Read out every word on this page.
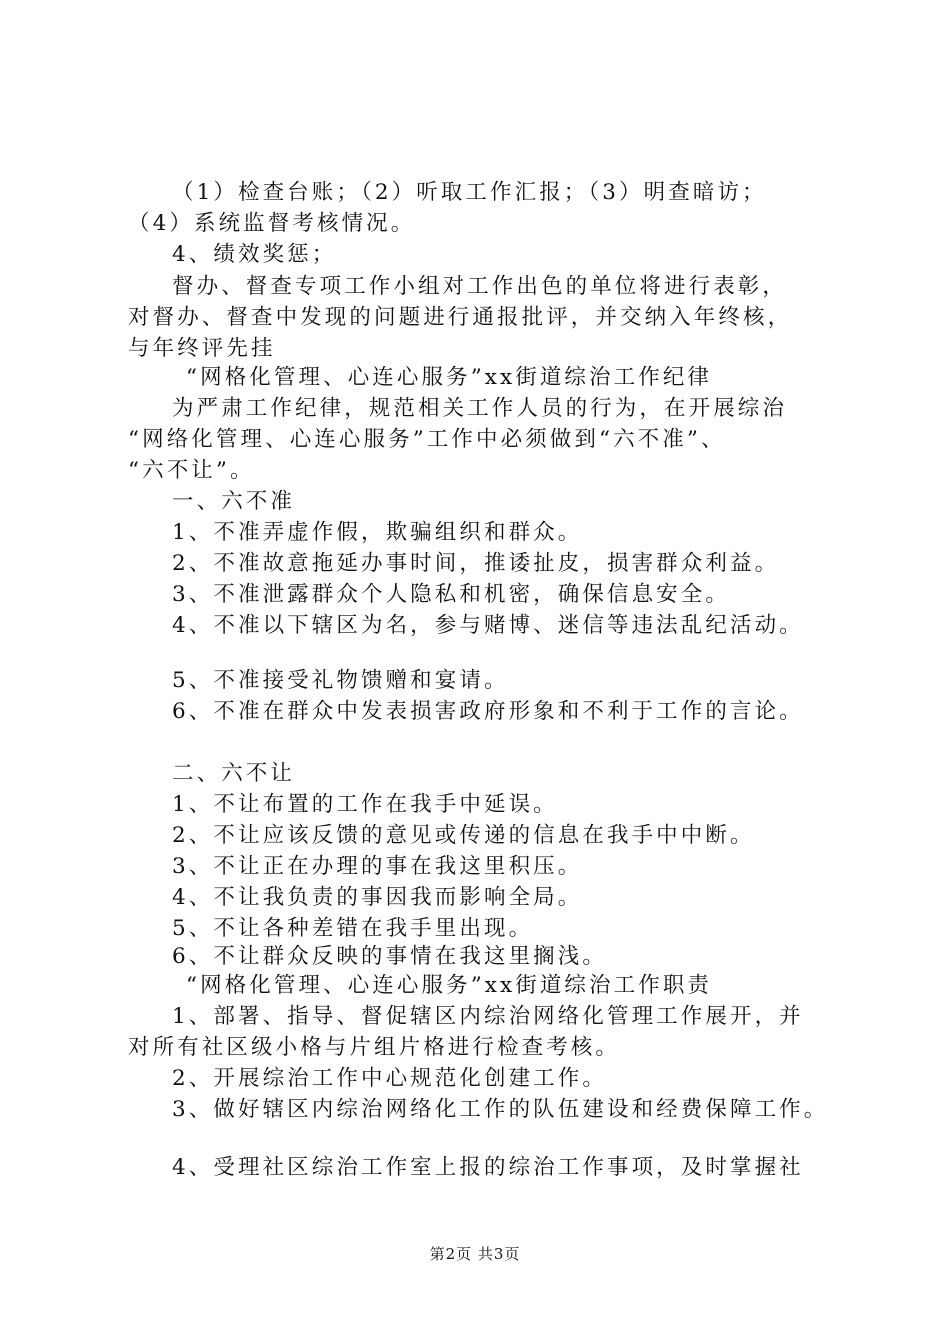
（1）检查台账；（2）听取工作汇报；（3）明查暗访；
（4）系统监督考核情况。
4、绩效奖惩；
督办、督查专项工作小组对工作出色的单位将进行表彰，
对督办、督查中发现的问题进行通报批评，并交纳入年终核，
与年终评先挂
“网格化管理、心连心服务”xx街道综治工作纪律
为严肃工作纪律，规范相关工作人员的行为，在开展综治
“网络化管理、心连心服务”工作中必须做到“六不准”、
“六不让”。
一、六不准
1、不准弄虚作假，欺骗组织和群众。
2、不准故意拖延办事时间，推诿扯皮，损害群众利益。
3、不准泄露群众个人隐私和机密，确保信息安全。
4、不准以下辖区为名，参与赌博、迷信等违法乱纪活动。
5、不准接受礼物馈赠和宴请。
6、不准在群众中发表损害政府形象和不利于工作的言论。
二、六不让
1、不让布置的工作在我手中延误。
2、不让应该反馈的意见或传递的信息在我手中中断。
3、不让正在办理的事在我这里积压。
4、不让我负责的事因我而影响全局。
5、不让各种差错在我手里出现。
6、不让群众反映的事情在我这里搁浅。
“网格化管理、心连心服务”xx街道综治工作职责
1、部署、指导、督促辖区内综治网络化管理工作展开，并
对所有社区级小格与片组片格进行检查考核。
2、开展综治工作中心规范化创建工作。
3、做好辖区内综治网络化工作的队伍建设和经费保障工作。
4、受理社区综治工作室上报的综治工作事项，及时掌握社
第2页 共3页
